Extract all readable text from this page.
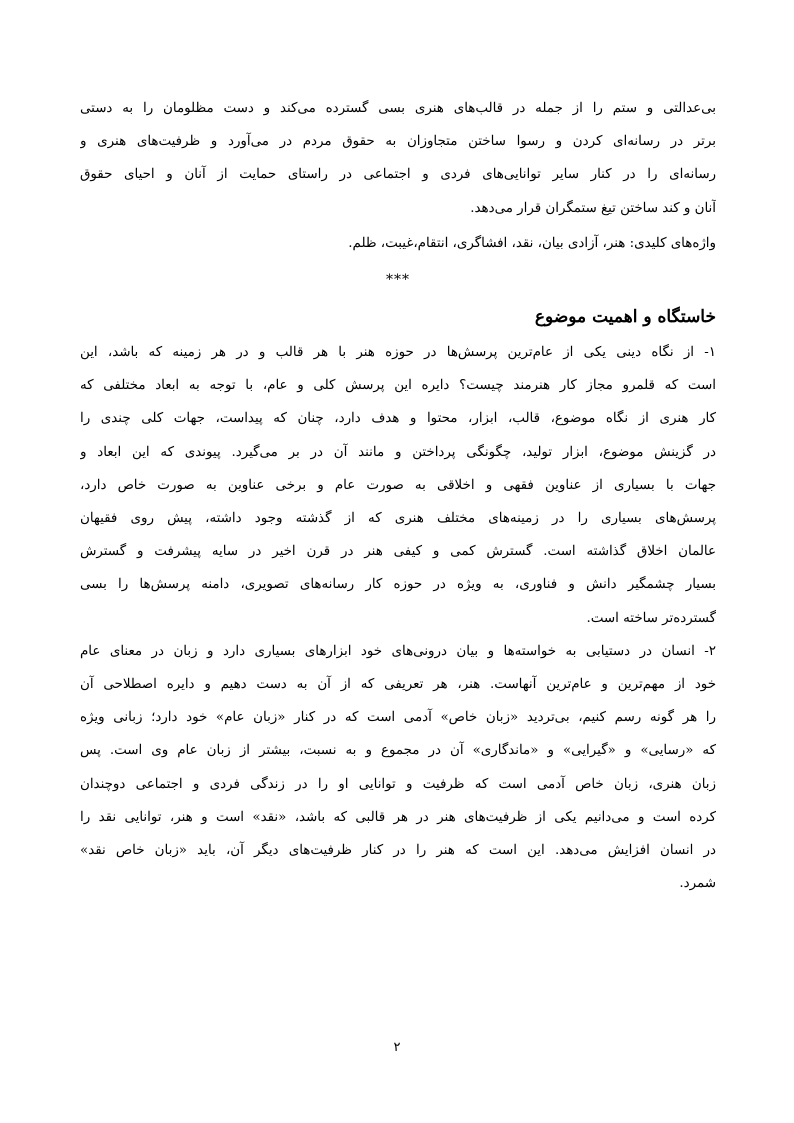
بی‌عدالتی و ستم را از جمله در قالب‌های هنری بسی گسترده می‌کند و دست مظلومان را به دستی
برتر در رسانه‌ای کردن و رسوا ساختن متجاوزان به حقوق مردم در می‌آورد و ظرفیت‌های هنری و
رسانه‌ای را در کنار سایر توانایی‌های فردی و اجتماعی در راستای حمایت از آنان و احیای حقوق
آنان و کند ساختن تیغ ستمگران قرار می‌دهد.
واژه‌های کلیدی: هنر، آزادی بیان، نقد، افشاگری، انتقام،غیبت، ظلم.
***
خاستگاه و اهمیت موضوع
۱- از نگاه دینی یکی از عام‌ترین پرسش‌ها در حوزه هنر با هر قالب و در هر زمینه که باشد، این
است که قلمرو مجاز کار هنرمند چیست؟ دایره این پرسش کلی و عام، با توجه به ابعاد مختلفی که
کار هنری از نگاه موضوع، قالب، ابزار، محتوا و هدف دارد، چنان که پیداست، جهات کلی چندی را
در گزینش موضوع، ابزار تولید، چگونگی پرداختن و مانند آن در بر می‌گیرد. پیوندی که این ابعاد و
جهات با بسیاری از عناوین فقهی و اخلاقی به صورت عام و برخی عناوین به صورت خاص دارد،
پرسش‌های بسیاری را در زمینه‌های مختلف هنری که از گذشته وجود داشته، پیش روی فقیهان
عالمان اخلاق گذاشته است. گسترش کمی و کیفی هنر در قرن اخیر در سایه پیشرفت و گسترش
بسیار چشمگیر دانش و فناوری، به ویژه در حوزه کار رسانه‌های تصویری، دامنه پرسش‌ها را بسی
گسترده‌تر ساخته است.
۲- انسان در دستیابی به خواسته‌ها و بیان درونی‌های خود ابزارهای بسیاری دارد و زبان در معنای عام
خود از مهم‌ترین و عام‌ترین آنهاست. هنر، هر تعریفی که از آن به دست دهیم و دایره اصطلاحی آن
را هر گونه رسم کنیم، بی‌تردید «زبان خاص» آدمی است که در کنار «زبان عام» خود دارد؛ زبانی ویژه
که «رسایی» و «گیرایی» و «ماندگاری» آن در مجموع و به نسبت، بیشتر از زبان عام وی است. پس
زبان هنری، زبان خاص آدمی است که ظرفیت و توانایی او را در زندگی فردی و اجتماعی دوچندان
کرده است و می‌دانیم یکی از ظرفیت‌های هنر در هر قالبی که باشد، «نقد» است و هنر، توانایی نقد را
در انسان افزایش می‌دهد. این است که هنر را در کنار ظرفیت‌های دیگر آن، باید «زبان خاص نقد»
شمرد.
۲
